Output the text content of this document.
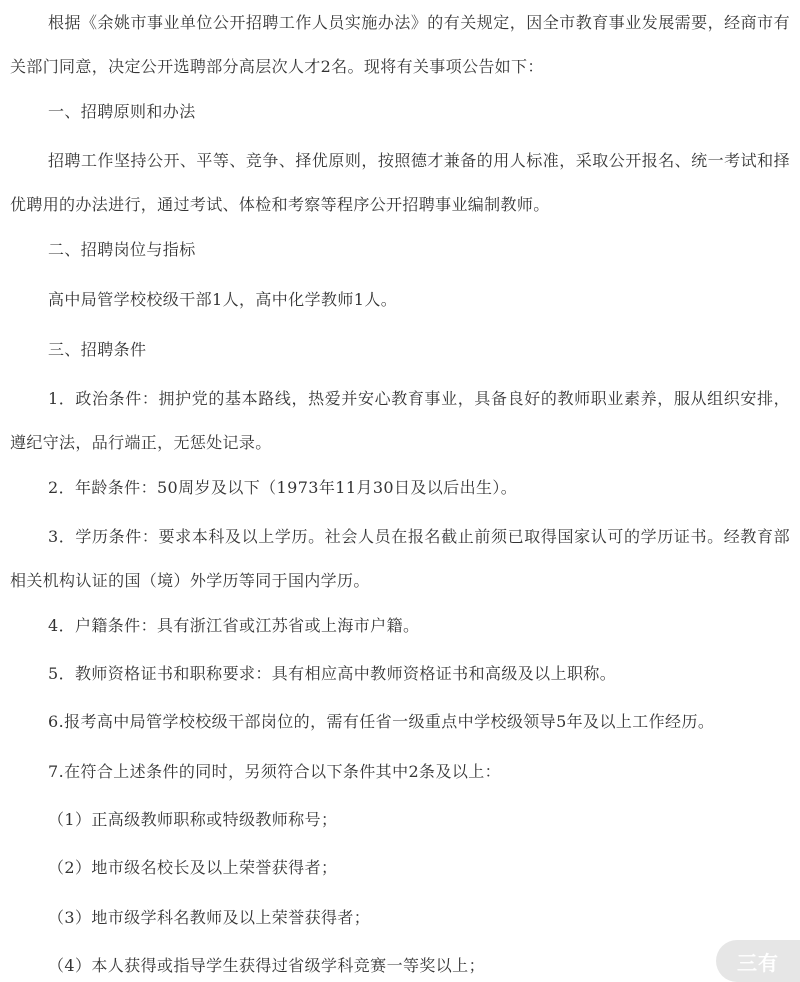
根据《余姚市事业单位公开招聘工作人员实施办法》的有关规定，因全市教育事业发展需要，经商市有关部门同意，决定公开选聘部分高层次人才2名。现将有关事项公告如下：
一、招聘原则和办法
招聘工作坚持公开、平等、竞争、择优原则，按照德才兼备的用人标准，采取公开报名、统一考试和择优聘用的办法进行，通过考试、体检和考察等程序公开招聘事业编制教师。
二、招聘岗位与指标
高中局管学校校级干部1人，高中化学教师1人。
三、招聘条件
1．政治条件：拥护党的基本路线，热爱并安心教育事业，具备良好的教师职业素养，服从组织安排，遵纪守法，品行端正，无惩处记录。
2．年龄条件：50周岁及以下（1973年11月30日及以后出生）。
3．学历条件：要求本科及以上学历。社会人员在报名截止前须已取得国家认可的学历证书。经教育部相关机构认证的国（境）外学历等同于国内学历。
4．户籍条件：具有浙江省或江苏省或上海市户籍。
5．教师资格证书和职称要求：具有相应高中教师资格证书和高级及以上职称。
6.报考高中局管学校校级干部岗位的，需有任省一级重点中学校级领导5年及以上工作经历。
7.在符合上述条件的同时，另须符合以下条件其中2条及以上：
（1）正高级教师职称或特级教师称号；
（2）地市级名校长及以上荣誉获得者；
（3）地市级学科名教师及以上荣誉获得者；
（4）本人获得或指导学生获得过省级学科竞赛一等奖以上；	三有
